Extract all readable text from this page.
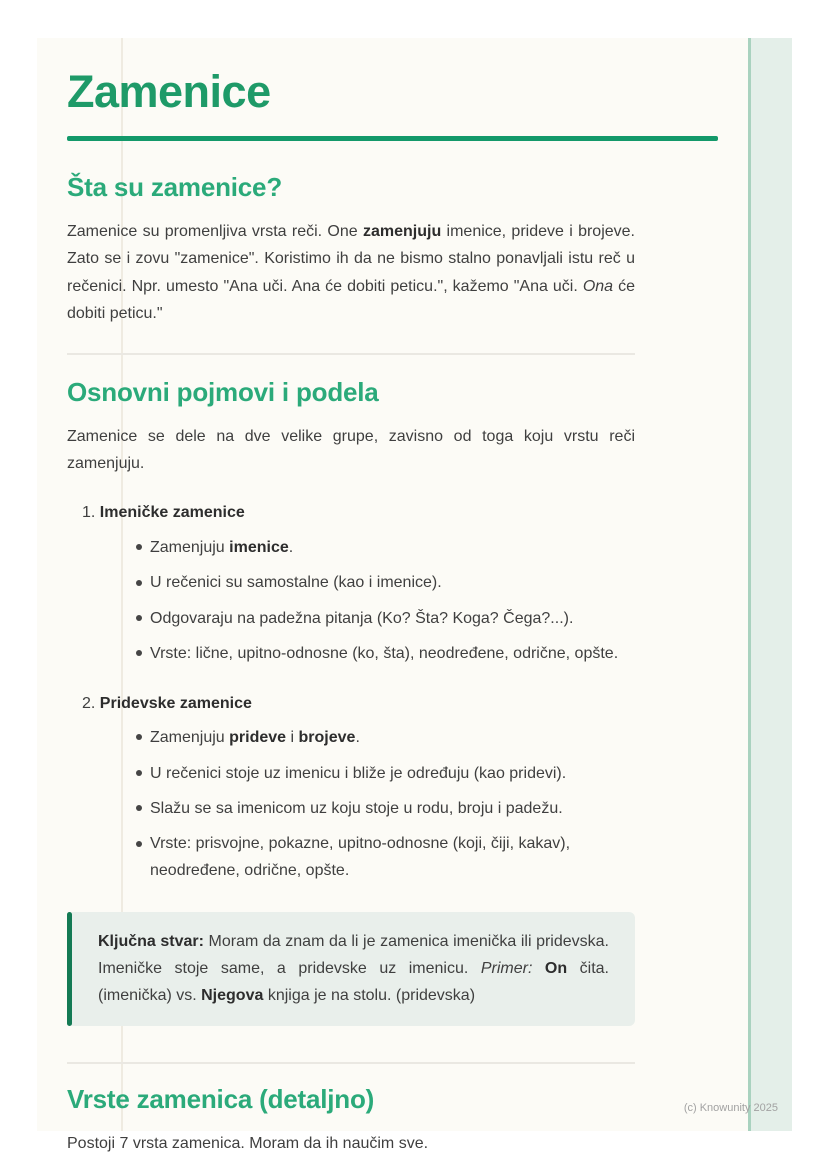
Zamenice
Šta su zamenice?

Zamenice su promenljiva vrsta reči. One zamenjuju imenice, prideve i brojeve. Zato se i zovu "zamenice". Koristimo ih da ne bismo stalno ponavljali istu reč u rečenici. Npr. umesto "Ana uči. Ana će dobiti peticu.", kažemo "Ana uči. Ona će dobiti peticu."

Osnovni pojmovi i podela

Zamenice se dele na dve velike grupe, zavisno od toga koju vrstu reči zamenjuju.

1. Imeničke zamenice
Zamenjuju imenice.
U rečenici su samostalne (kao i imenice).
Odgovaraju na padežna pitanja (Ko? Šta? Koga? Čega?...).
Vrste: lične, upitno-odnosne (ko, šta), neodređene, odrične, opšte.
2. Pridevske zamenice
Zamenjuju prideve i brojeve.
U rečenici stoje uz imenicu i bliže je određuju (kao pridevi).
Slažu se sa imenicom uz koju stoje u rodu, broju i padežu.
Vrste: prisvojne, pokazne, upitno-odnosne (koji, čiji, kakav), neodređene, odrične, opšte.
Ključna stvar: Moram da znam da li je zamenica imenička ili pridevska. Imeničke stoje same, a pridevske uz imenicu. Primer: On čita. (imenička) vs. Njegova knjiga je na stolu. (pridevska)
Vrste zamenica (detaljno)

Postoji 7 vrsta zamenica. Moram da ih naučim sve.

(c) Knowunity 2025
